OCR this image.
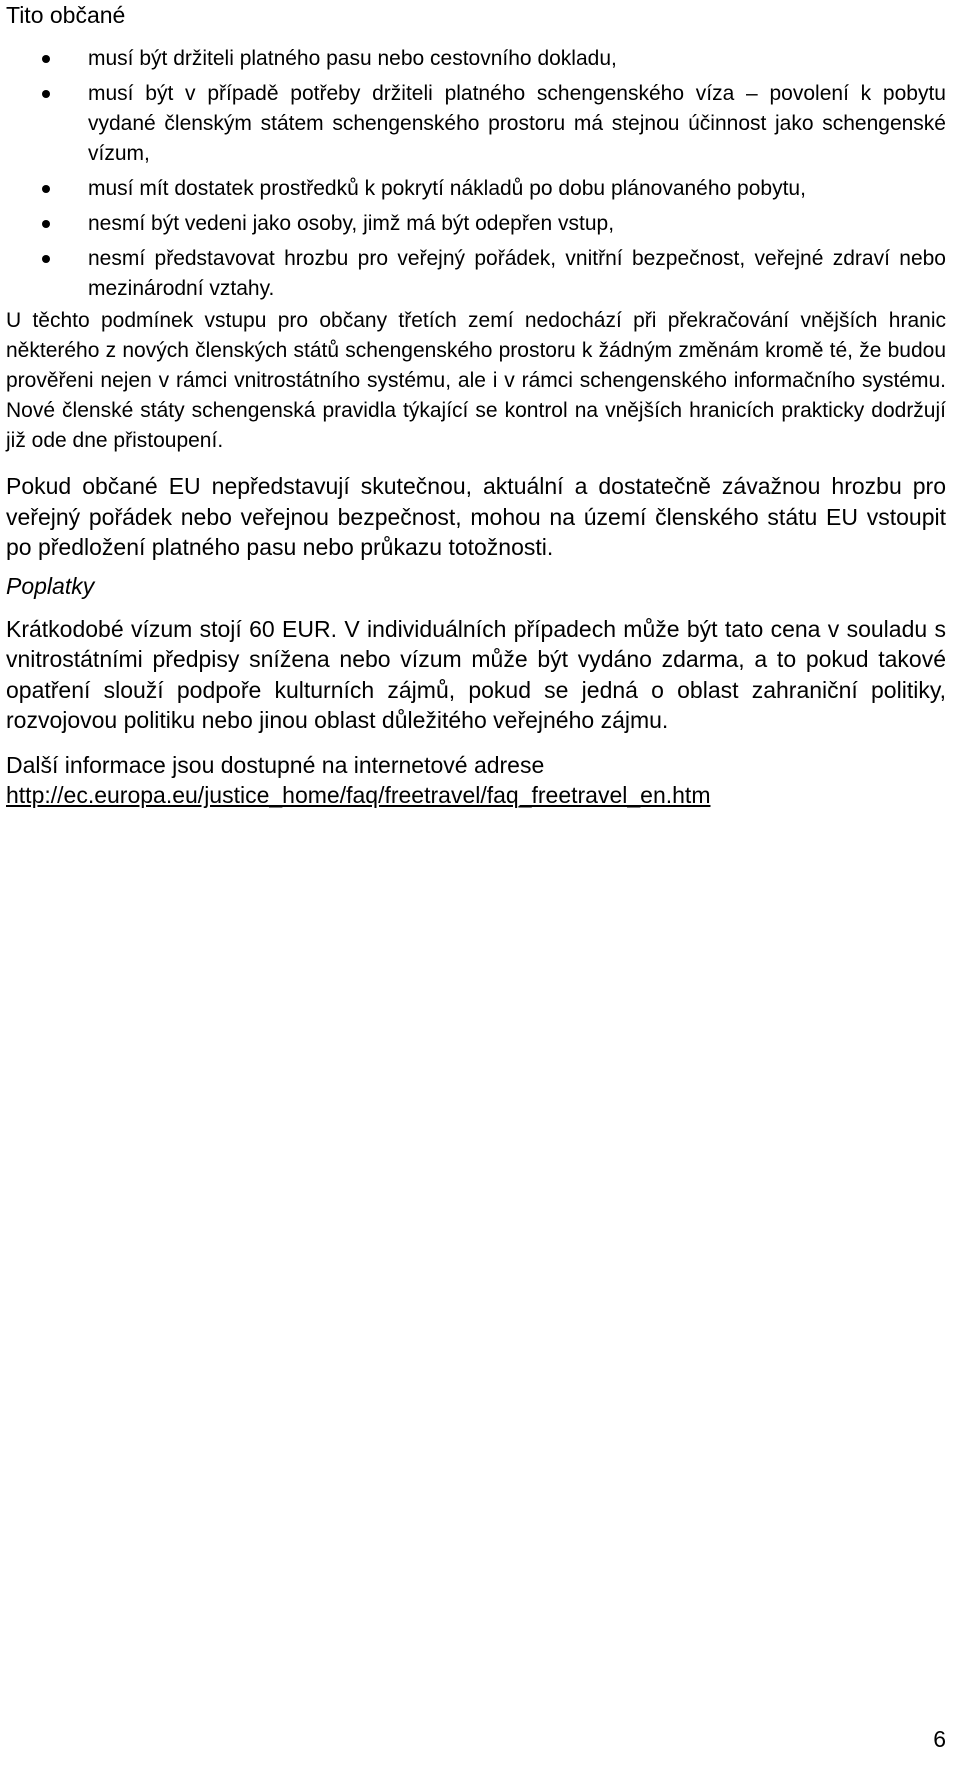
Tito občané

musí být držiteli platného pasu nebo cestovního dokladu,
musí být v případě potřeby držiteli platného schengenského víza – povolení k pobytu vydané členským státem schengenského prostoru má stejnou účinnost jako schengenské vízum,
musí mít dostatek prostředků k pokrytí nákladů po dobu plánovaného pobytu,
nesmí být vedeni jako osoby, jimž má být odepřen vstup,
nesmí představovat hrozbu pro veřejný pořádek, vnitřní bezpečnost, veřejné zdraví nebo mezinárodní vztahy.

U těchto podmínek vstupu pro občany třetích zemí nedochází při překračování vnějších hranic některého z nových členských států schengenského prostoru k žádným změnám kromě té, že budou prověřeni nejen v rámci vnitrostátního systému, ale i v rámci schengenského informačního systému. Nové členské státy schengenská pravidla týkající se kontrol na vnějších hranicích prakticky dodržují již ode dne přistoupení.

Pokud občané EU nepředstavují skutečnou, aktuální a dostatečně závažnou hrozbu pro veřejný pořádek nebo veřejnou bezpečnost, mohou na území členského státu EU vstoupit po předložení platného pasu nebo průkazu totožnosti.

Poplatky

Krátkodobé vízum stojí 60 EUR. V individuálních případech může být tato cena v souladu s vnitrostátními předpisy snížena nebo vízum může být vydáno zdarma, a to pokud takové opatření slouží podpoře kulturních zájmů, pokud se jedná o oblast zahraniční politiky, rozvojovou politiku nebo jinou oblast důležitého veřejného zájmu.

Další informace jsou dostupné na internetové adrese
http://ec.europa.eu/justice_home/faq/freetravel/faq_freetravel_en.htm

6
